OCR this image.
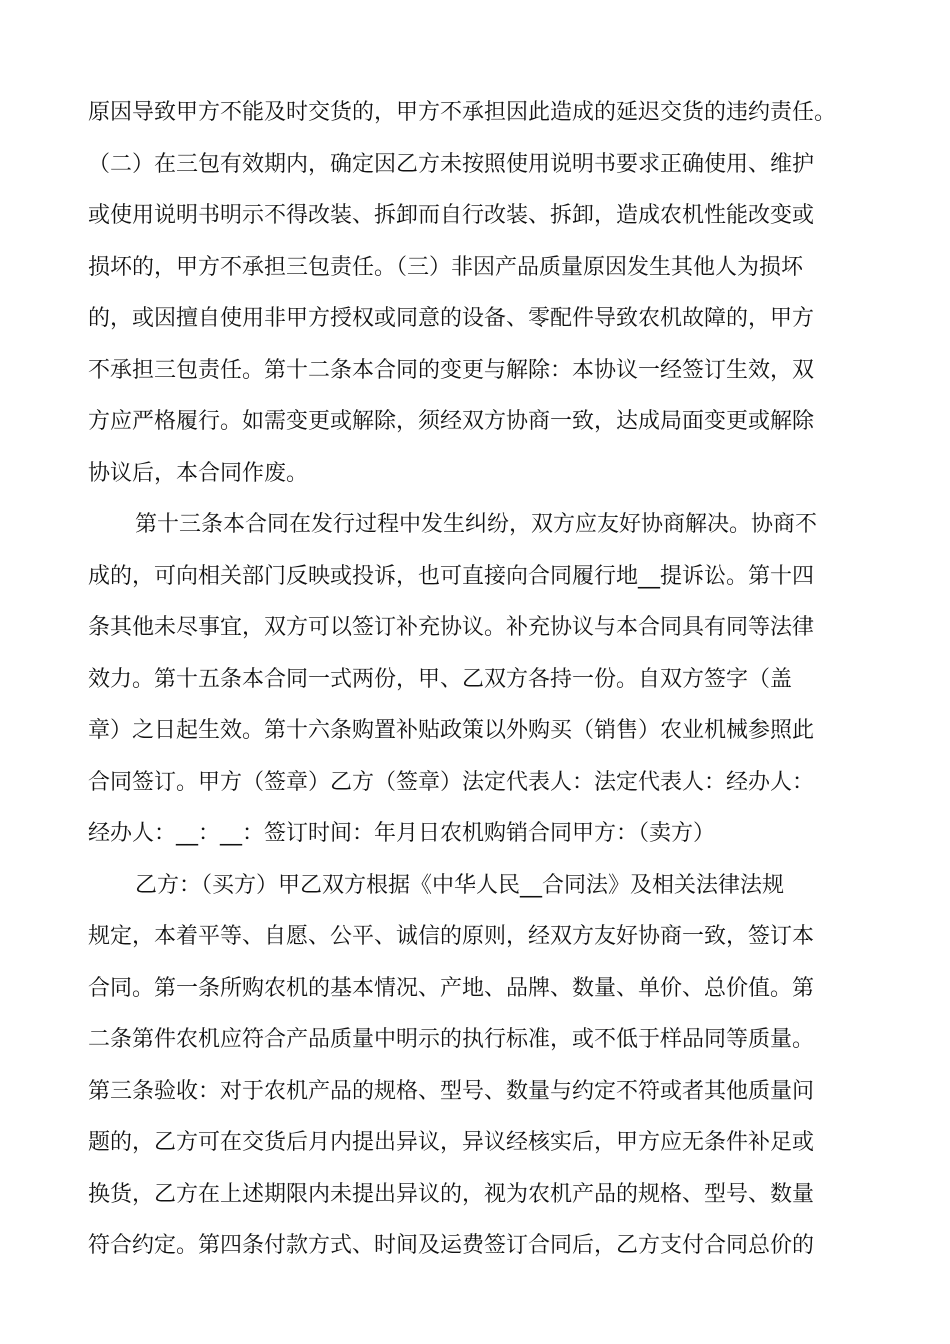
原因导致甲方不能及时交货的，甲方不承担因此造成的延迟交货的违约责任。
（二）在三包有效期内，确定因乙方未按照使用说明书要求正确使用、维护
或使用说明书明示不得改装、拆卸而自行改装、拆卸，造成农机性能改变或
损坏的，甲方不承担三包责任。（三）非因产品质量原因发生其他人为损坏
的，或因擅自使用非甲方授权或同意的设备、零配件导致农机故障的，甲方
不承担三包责任。第十二条本合同的变更与解除：本协议一经签订生效，双
方应严格履行。如需变更或解除，须经双方协商一致，达成局面变更或解除
协议后，本合同作废。
第十三条本合同在发行过程中发生纠纷，双方应友好协商解决。协商不
成的，可向相关部门反映或投诉，也可直接向合同履行地__提诉讼。第十四
条其他未尽事宜，双方可以签订补充协议。补充协议与本合同具有同等法律
效力。第十五条本合同一式两份，甲、乙双方各持一份。自双方签字（盖
章）之日起生效。第十六条购置补贴政策以外购买（销售）农业机械参照此
合同签订。甲方（签章）乙方（签章）法定代表人：法定代表人：经办人：
经办人：__：__：签订时间：年月日农机购销合同甲方：（卖方）
乙方：（买方）甲乙双方根据《中华人民__合同法》及相关法律法规
规定，本着平等、自愿、公平、诚信的原则，经双方友好协商一致，签订本
合同。第一条所购农机的基本情况、产地、品牌、数量、单价、总价值。第
二条第件农机应符合产品质量中明示的执行标准，或不低于样品同等质量。
第三条验收：对于农机产品的规格、型号、数量与约定不符或者其他质量问
题的，乙方可在交货后月内提出异议，异议经核实后，甲方应无条件补足或
换货，乙方在上述期限内未提出异议的，视为农机产品的规格、型号、数量
符合约定。第四条付款方式、时间及运费签订合同后，乙方支付合同总价的
